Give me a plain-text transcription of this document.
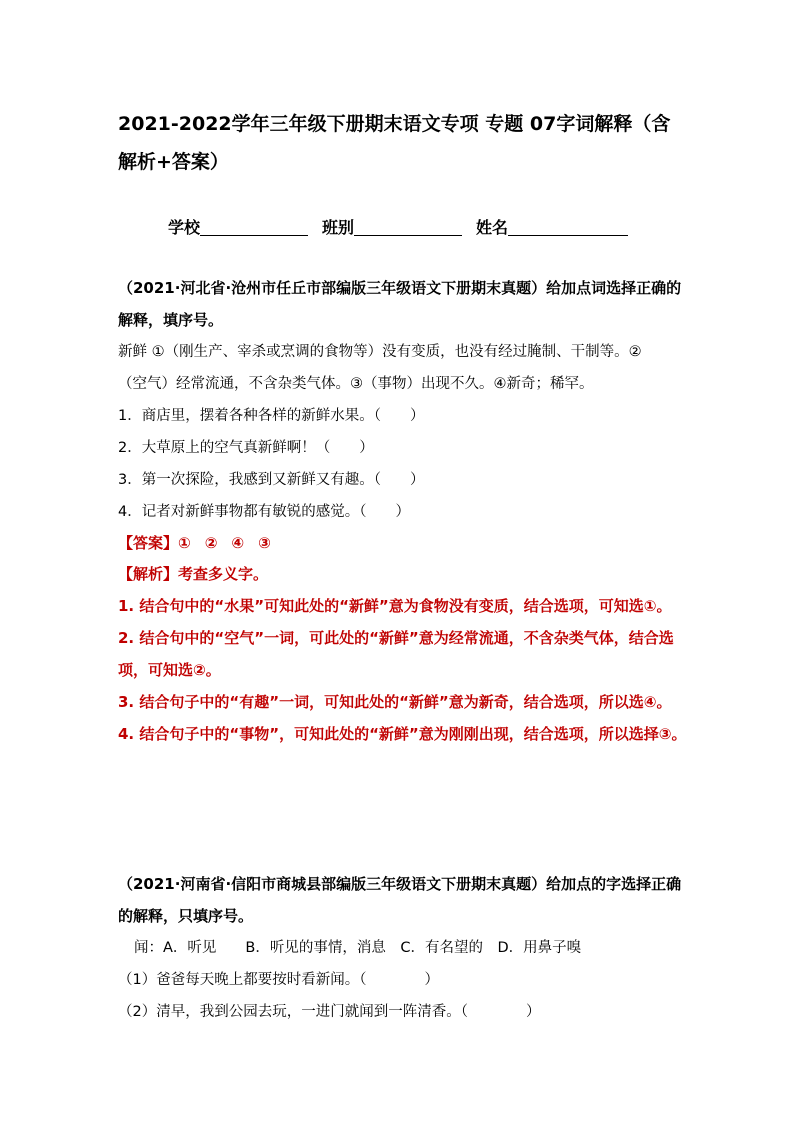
2021-2022学年三年级下册期末语文专项 专题 07字词解释（含解析+答案）
学校	班别	姓名

（2021·河北省·沧州市任丘市部编版三年级语文下册期末真题）给加点词选择正确的解释，填序号。

新鲜 ①（刚生产、宰杀或烹调的食物等）没有变质，也没有经过腌制、干制等。②

（空气）经常流通，不含杂类气体。③（事物）出现不久。④新奇；稀罕。

1．商店里，摆着各种各样的新鲜水果。（　　）

2．大草原上的空气真新鲜啊！（　　）

3．第一次探险，我感到又新鲜又有趣。（　　）

4．记者对新鲜事物都有敏锐的感觉。（　　）

【答案】① ② ④ ③

【解析】考查多义字。

1. 结合句中的“水果”可知此处的“新鲜”意为食物没有变质，结合选项，可知选①。

2. 结合句中的“空气”一词，可此处的“新鲜”意为经常流通，不含杂类气体，结合选项，可知选②。

3. 结合句子中的“有趣”一词，可知此处的“新鲜”意为新奇，结合选项，所以选④。

4. 结合句子中的“事物”，可知此处的“新鲜”意为刚刚出现，结合选项，所以选择③。

（2021·河南省·信阳市商城县部编版三年级语文下册期末真题）给加点的字选择正确的解释，只填序号。

闻：A．听见　　B．听见的事情，消息　C．有名望的　D．用鼻子嗅

（1）爸爸每天晚上都要按时看新闻。（　　　　）

（2）清早，我到公园去玩，一进门就闻到一阵清香。（　　　　）
